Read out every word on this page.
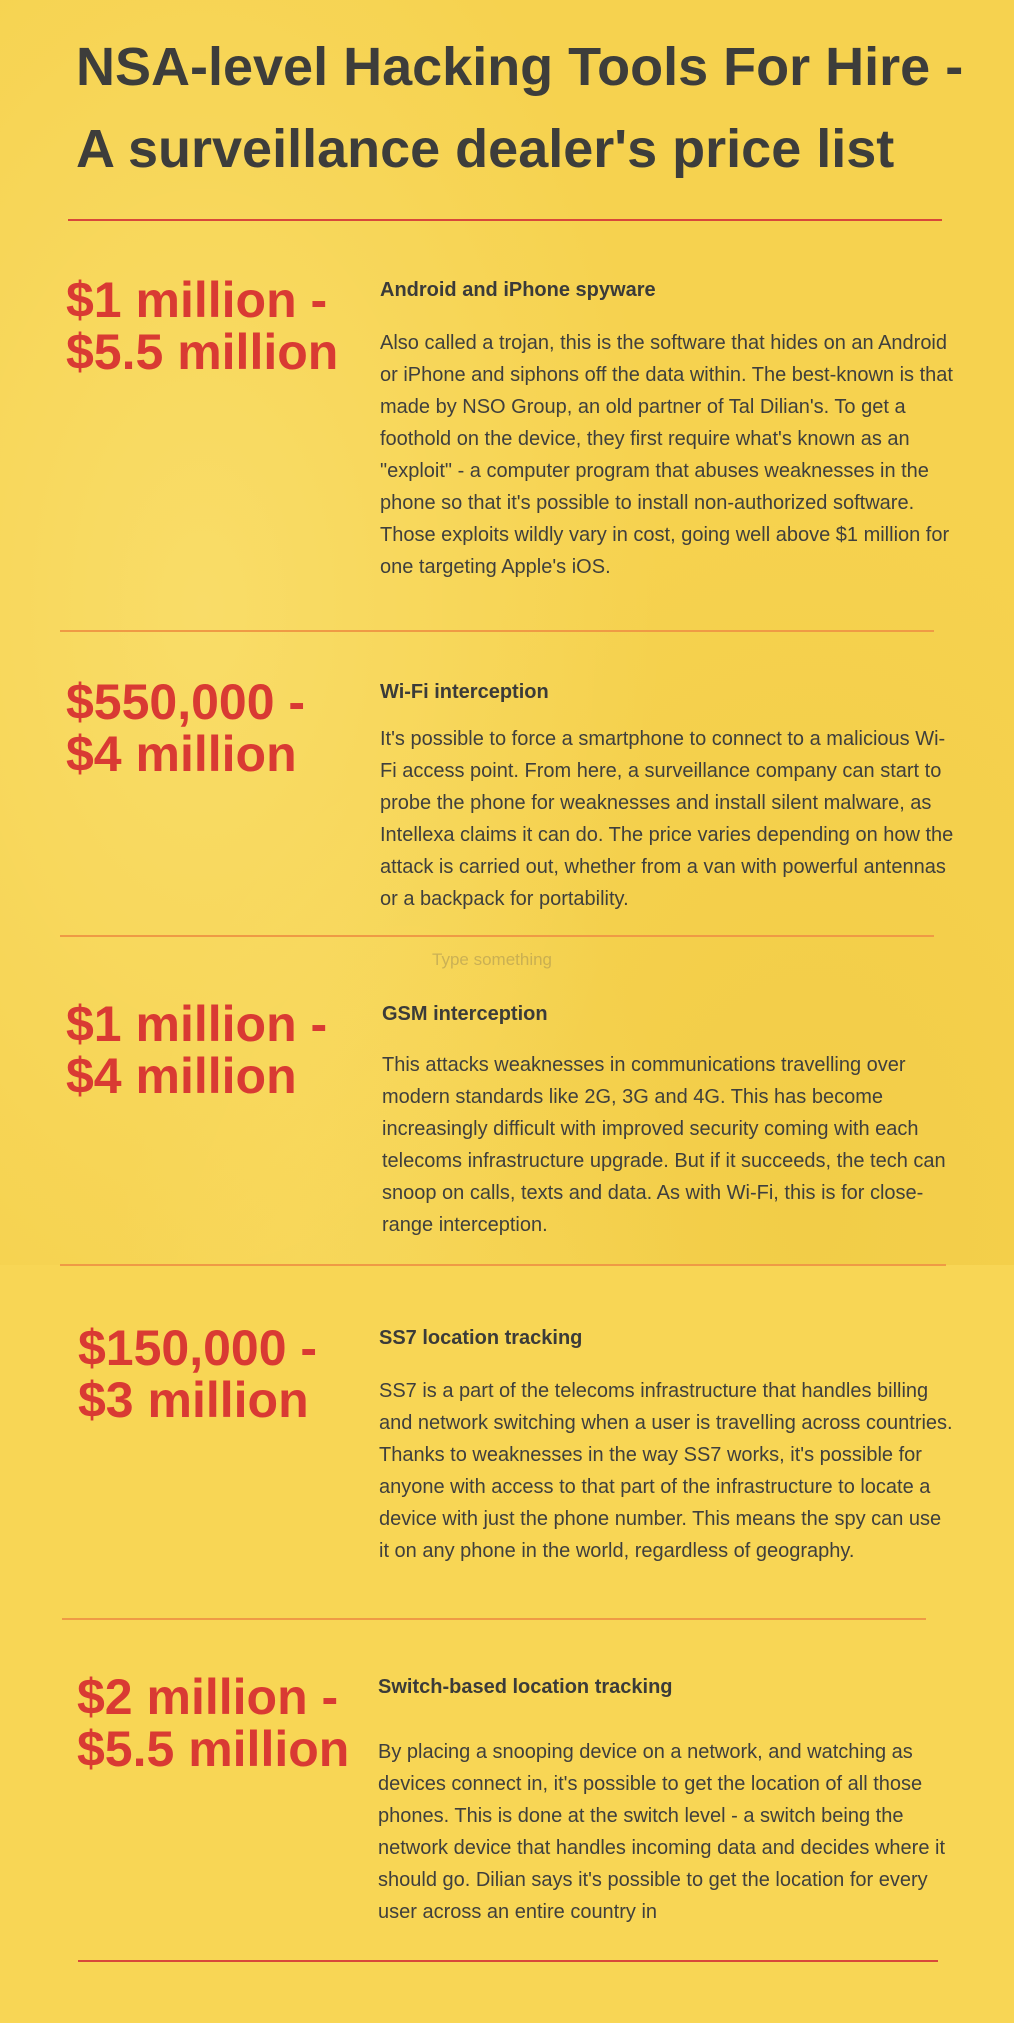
NSA-level Hacking Tools For Hire - A surveillance dealer's price list

$1 million -
$5.5 million

Android and iPhone spyware

Also called a trojan, this is the software that hides on an Android or iPhone and siphons off the data within. The best-known is that made by NSO Group, an old partner of Tal Dilian's. To get a foothold on the device, they first require what's known as an "exploit" - a computer program that abuses weaknesses in the phone so that it's possible to install non-authorized software. Those exploits wildly vary in cost, going well above $1 million for one targeting Apple's iOS.

$550,000 -
$4 million

Wi-Fi interception

It's possible to force a smartphone to connect to a malicious Wi-Fi access point. From here, a surveillance company can start to probe the phone for weaknesses and install silent malware, as Intellexa claims it can do. The price varies depending on how the attack is carried out, whether from a van with powerful antennas or a backpack for portability.

Type something

$1 million -
$4 million

GSM interception

This attacks weaknesses in communications travelling over modern standards like 2G, 3G and 4G. This has become increasingly difficult with improved security coming with each telecoms infrastructure upgrade. But if it succeeds, the tech can snoop on calls, texts and data. As with Wi-Fi, this is for close-range interception.

$150,000 -
$3 million

SS7 location tracking

SS7 is a part of the telecoms infrastructure that handles billing and network switching when a user is travelling across countries. Thanks to weaknesses in the way SS7 works, it's possible for anyone with access to that part of the infrastructure to locate a device with just the phone number. This means the spy can use it on any phone in the world, regardless of geography.

$2 million -
$5.5 million

Switch-based location tracking

By placing a snooping device on a network, and watching as devices connect in, it's possible to get the location of all those phones. This is done at the switch level - a switch being the network device that handles incoming data and decides where it should go. Dilian says it's possible to get the location for every user across an entire country in
